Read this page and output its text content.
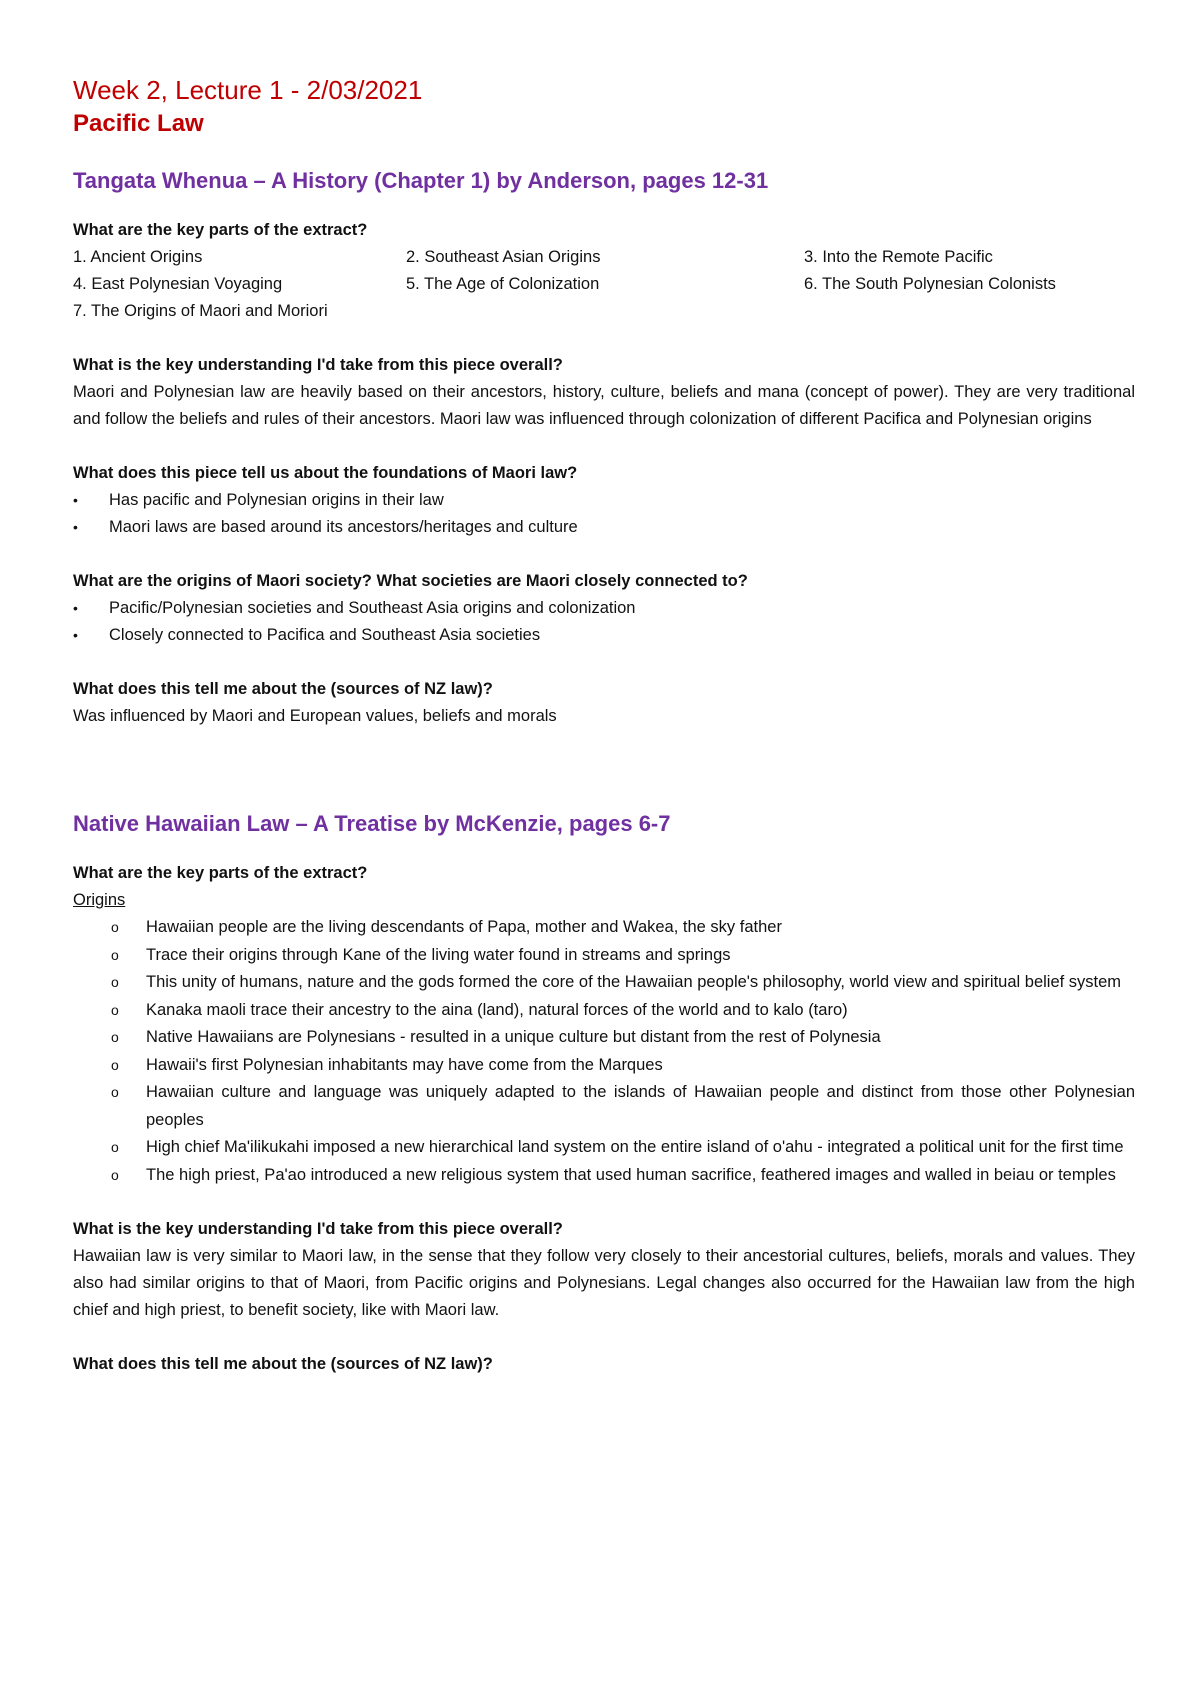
Week 2, Lecture 1 - 2/03/2021

Pacific Law

Tangata Whenua – A History (Chapter 1) by Anderson, pages 12-31

What are the key parts of the extract?

1. Ancient Origins	2. Southeast Asian Origins	3. Into the Remote Pacific
4. East Polynesian Voyaging	5. The Age of Colonization	6. The South Polynesian Colonists
7. The Origins of Maori and Moriori

What is the key understanding I'd take from this piece overall?

Maori and Polynesian law are heavily based on their ancestors, history, culture, beliefs and mana (concept of power). They are very traditional and follow the beliefs and rules of their ancestors. Maori law was influenced through colonization of different Pacifica and Polynesian origins

What does this piece tell us about the foundations of Maori law?

• Has pacific and Polynesian origins in their law
• Maori laws are based around its ancestors/heritages and culture

What are the origins of Maori society? What societies are Maori closely connected to?

• Pacific/Polynesian societies and Southeast Asia origins and colonization
• Closely connected to Pacifica and Southeast Asia societies

What does this tell me about the (sources of NZ law)?

Was influenced by Maori and European values, beliefs and morals

Native Hawaiian Law – A Treatise by McKenzie, pages 6-7

What are the key parts of the extract?

Origins

o Hawaiian people are the living descendants of Papa, mother and Wakea, the sky father
o Trace their origins through Kane of the living water found in streams and springs
o This unity of humans, nature and the gods formed the core of the Hawaiian people's philosophy, world view and spiritual belief system
o Kanaka maoli trace their ancestry to the aina (land), natural forces of the world and to kalo (taro)
o Native Hawaiians are Polynesians - resulted in a unique culture but distant from the rest of Polynesia
o Hawaii's first Polynesian inhabitants may have come from the Marques
o Hawaiian culture and language was uniquely adapted to the islands of Hawaiian people and distinct from those other Polynesian peoples
o High chief Ma'ilikukahi imposed a new hierarchical land system on the entire island of o'ahu - integrated a political unit for the first time
o The high priest, Pa'ao introduced a new religious system that used human sacrifice, feathered images and walled in beiau or temples

What is the key understanding I'd take from this piece overall?

Hawaiian law is very similar to Maori law, in the sense that they follow very closely to their ancestorial cultures, beliefs, morals and values. They also had similar origins to that of Maori, from Pacific origins and Polynesians. Legal changes also occurred for the Hawaiian law from the high chief and high priest, to benefit society, like with Maori law.

What does this tell me about the (sources of NZ law)?
